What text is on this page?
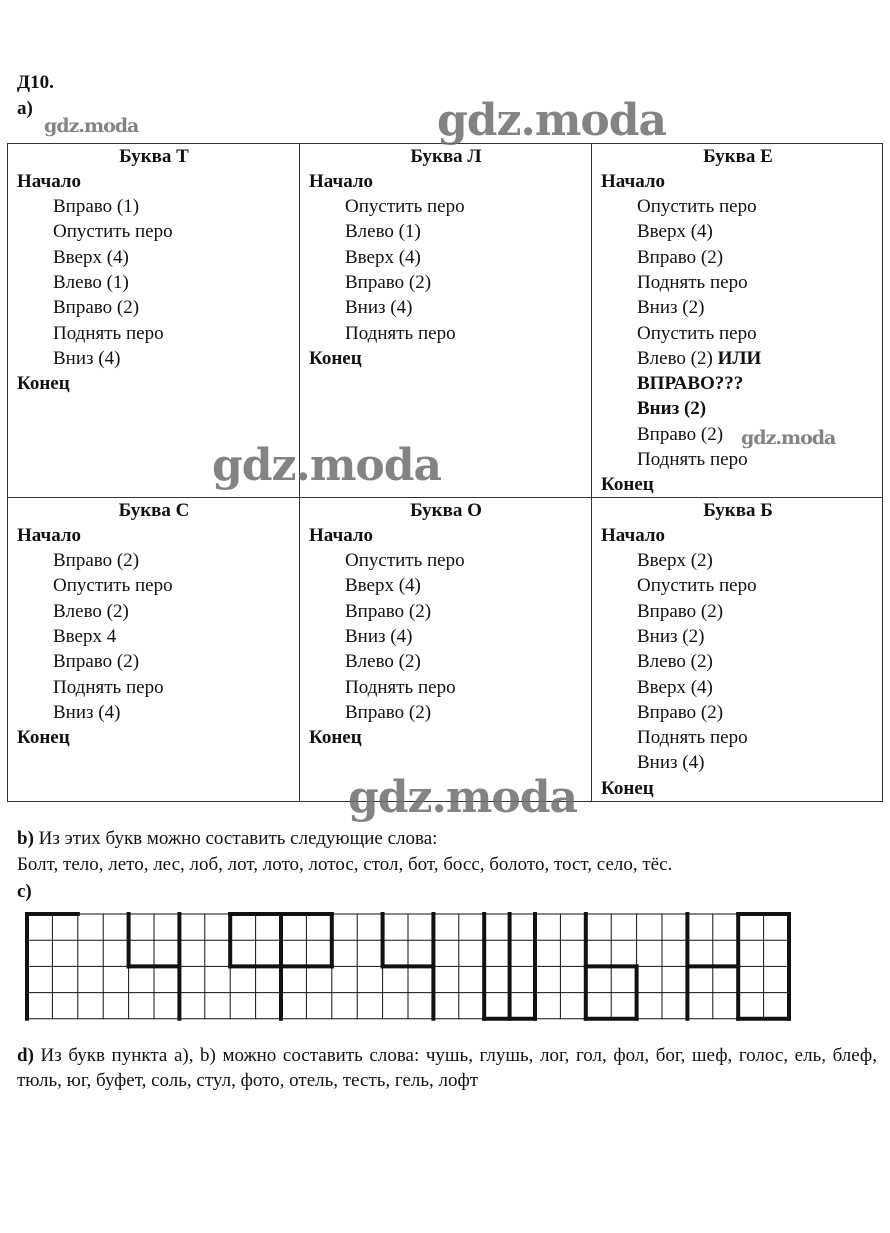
Д10.
а)
Буква Т
Начало
Вправо (1)
Опустить перо
Вверх (4)
Влево (1)
Вправо (2)
Поднять перо
Вниз (4)
Конец
Буква Л
Начало
Опустить перо
Влево (1)
Вверх (4)
Вправо (2)
Вниз (4)
Поднять перо
Конец
Буква Е
Начало
Опустить перо
Вверх (4)
Вправо (2)
Поднять перо
Вниз (2)
Опустить перо
Влево (2) ИЛИ
ВПРАВО???
Вниз (2)
Вправо (2)
Поднять перо
Конец
Буква С
Начало
Вправо (2)
Опустить перо
Влево (2)
Вверх 4
Вправо (2)
Поднять перо
Вниз (4)
Конец
Буква О
Начало
Опустить перо
Вверх (4)
Вправо (2)
Вниз (4)
Влево (2)
Поднять перо
Вправо (2)
Конец
Буква Б
Начало
Вверх (2)
Опустить перо
Вправо (2)
Вниз (2)
Влево (2)
Вверх (4)
Вправо (2)
Поднять перо
Вниз (4)
Конец
b) Из этих букв можно составить следующие слова:
Болт, тело, лето, лес, лоб, лот, лото, лотос, стол, бот, босс, болото, тост, село, тёс.
c)
d) Из букв пункта а), b) можно составить слова: чушь, глушь, лог, гол, фол, бог, шеф, голос, ель, блеф, тюль, юг, буфет, соль, стул, фото, отель, тесть, гель, лофт
gdz.moda	gdz.moda
gdz.moda
gdz.moda
gdz.moda
